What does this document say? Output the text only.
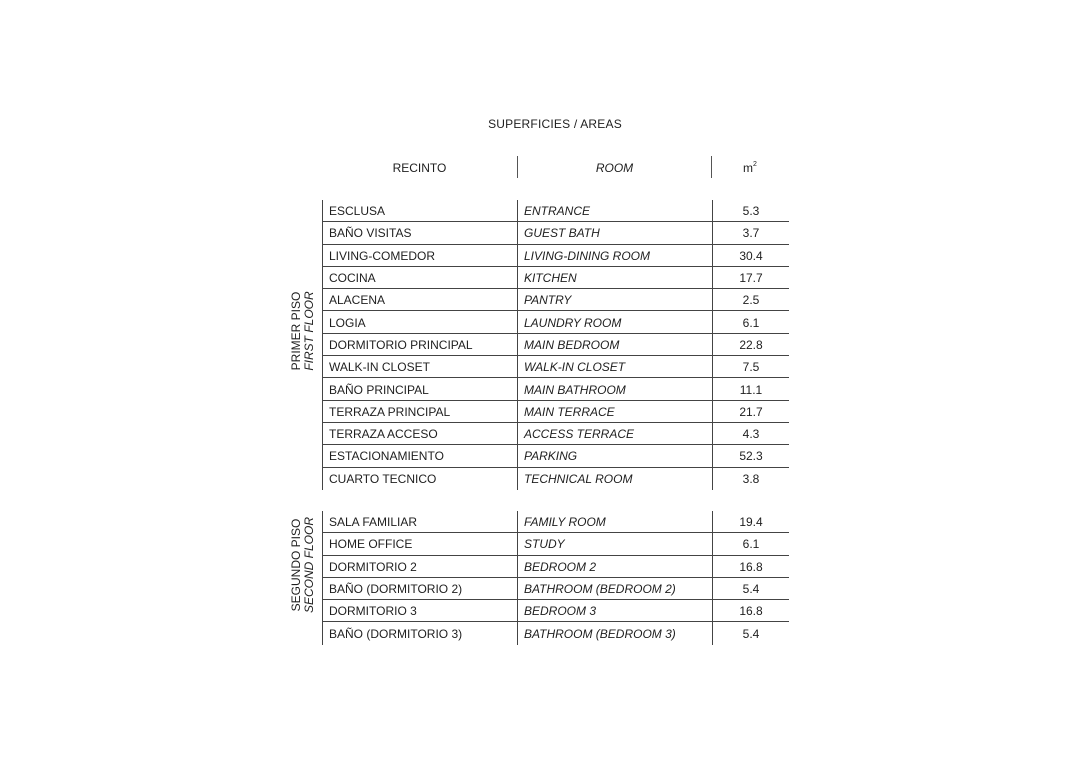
SUPERFICIES / AREAS
RECINTO	ROOM	$m^2$
PRIMER PISO FIRST FLOOR
ESCLUSA	ENTRANCE	5.3
BAÑO VISITAS	GUEST BATH	3.7
LIVING-COMEDOR	LIVING-DINING ROOM	30.4
COCINA	KITCHEN	17.7
ALACENA	PANTRY	2.5
LOGIA	LAUNDRY ROOM	6.1
DORMITORIO PRINCIPAL	MAIN BEDROOM	22.8
WALK-IN CLOSET	WALK-IN CLOSET	7.5
BAÑO PRINCIPAL	MAIN BATHROOM	11.1
TERRAZA PRINCIPAL	MAIN TERRACE	21.7
TERRAZA ACCESO	ACCESS TERRACE	4.3
ESTACIONAMIENTO	PARKING	52.3
CUARTO TECNICO	TECHNICAL ROOM	3.8
SEGUNDO PISO SECOND FLOOR	SALA FAMILIAR	FAMILY ROOM	19.4
HOME OFFICE	STUDY	6.1
DORMITORIO 2	BEDROOM 2	16.8
BAÑO (DORMITORIO 2)	BATHROOM (BEDROOM 2)	5.4
DORMITORIO 3	BEDROOM 3	16.8
BAÑO (DORMITORIO 3)	BATHROOM (BEDROOM 3)	5.4
